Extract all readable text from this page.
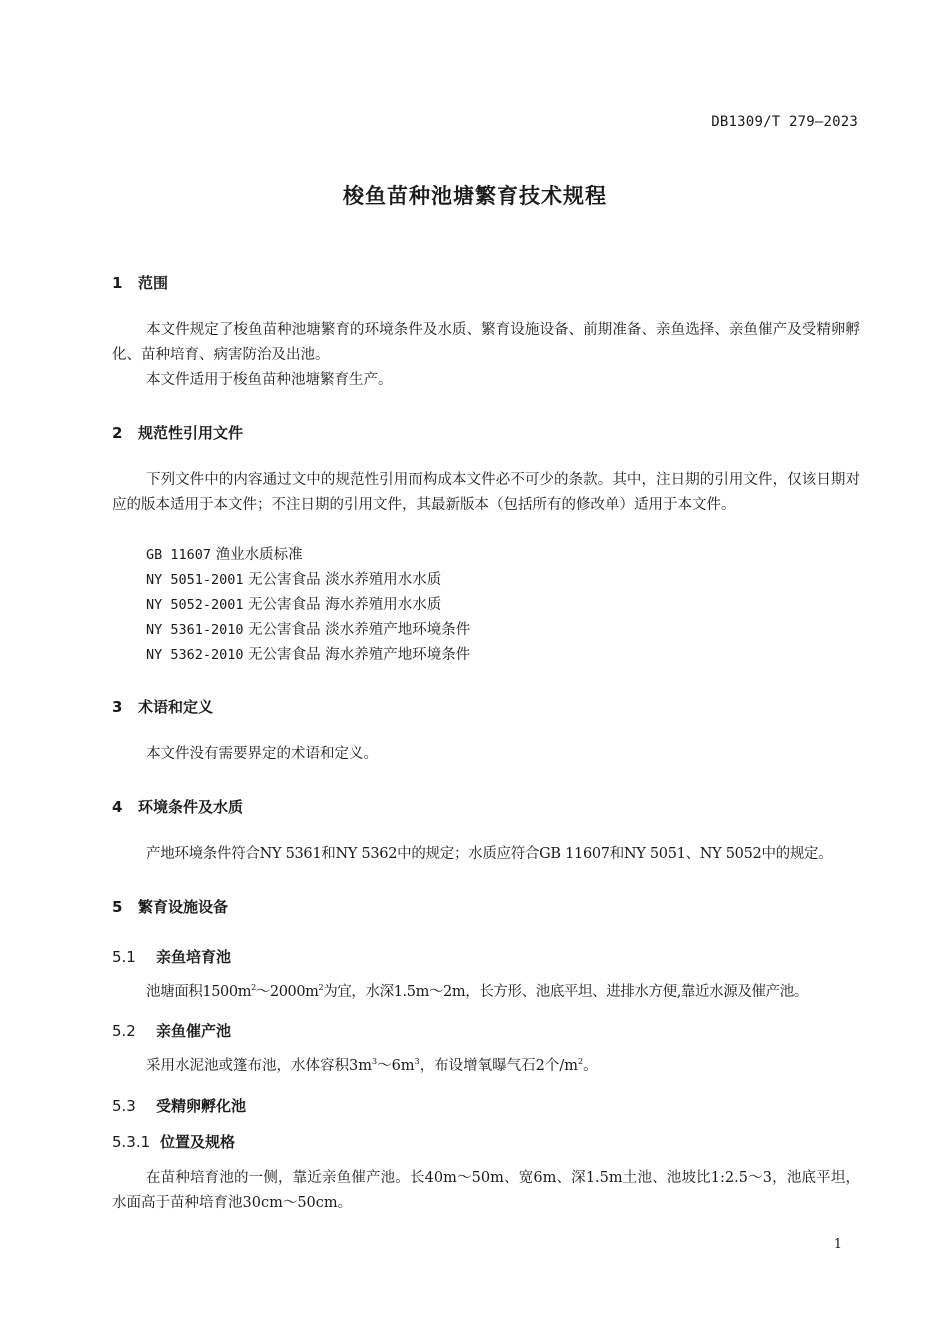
DB1309/T 279—2023
梭鱼苗种池塘繁育技术规程
1 范围
本文件规定了梭鱼苗种池塘繁育的环境条件及水质、繁育设施设备、前期准备、亲鱼选择、亲鱼催产及受精卵孵化、苗种培育、病害防治及出池。
本文件适用于梭鱼苗种池塘繁育生产。
2 规范性引用文件
下列文件中的内容通过文中的规范性引用而构成本文件必不可少的条款。其中，注日期的引用文件，仅该日期对应的版本适用于本文件；不注日期的引用文件，其最新版本（包括所有的修改单）适用于本文件。
GB 11607 渔业水质标准
NY 5051-2001 无公害食品 淡水养殖用水水质
NY 5052-2001 无公害食品 海水养殖用水水质
NY 5361-2010 无公害食品 淡水养殖产地环境条件
NY 5362-2010 无公害食品 海水养殖产地环境条件
3 术语和定义
本文件没有需要界定的术语和定义。
4 环境条件及水质
产地环境条件符合NY 5361和NY 5362中的规定；水质应符合GB 11607和NY 5051、NY 5052中的规定。
5 繁育设施设备
5.1 亲鱼培育池
池塘面积$1500m^2\sim 2000m^2$为宜，水深1.5m～2m，长方形、池底平坦、进排水方便,靠近水源及催产池。
5.2 亲鱼催产池
采用水泥池或篷布池，水体容积$3m^3\sim 6m^3$，布设增氧曝气石2个$/m^2$。
5.3 受精卵孵化池
5.3.1 位置及规格
在苗种培育池的一侧，靠近亲鱼催产池。长40m～50m、宽6m、深1.5m土池、池坡比1:2.5～3，池底平坦，水面高于苗种培育池30cm～50cm。
1
